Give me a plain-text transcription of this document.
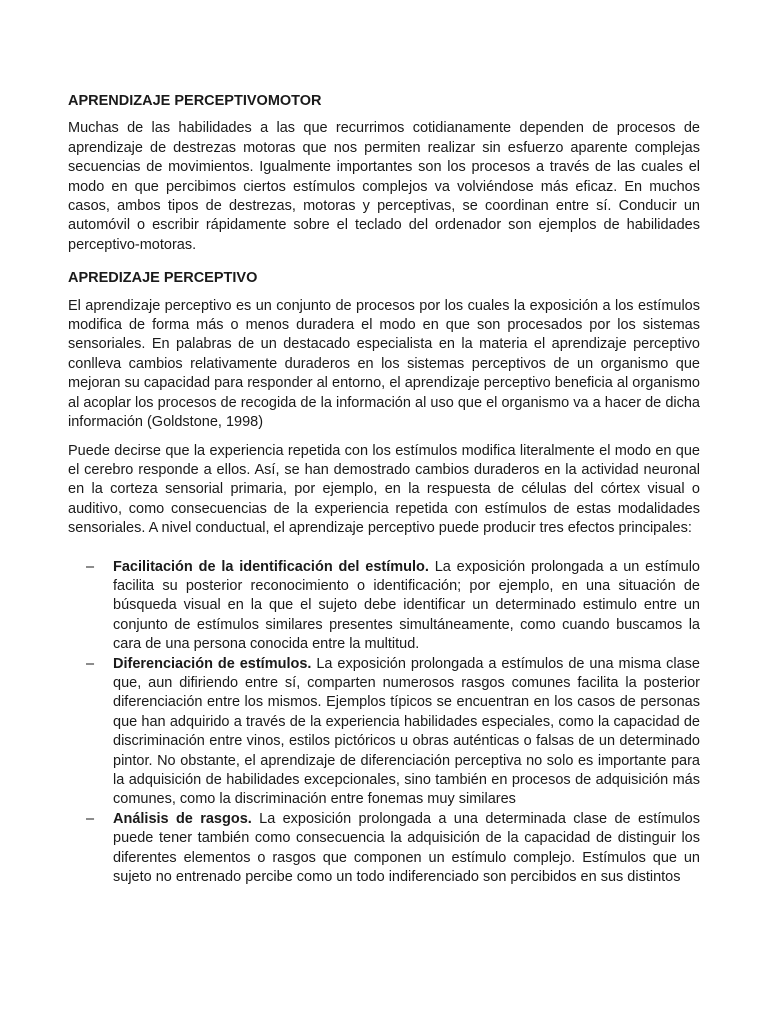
APRENDIZAJE PERCEPTIVOMOTOR

Muchas de las habilidades a las que recurrimos cotidianamente dependen de procesos de aprendizaje de destrezas motoras que nos permiten realizar sin esfuerzo aparente complejas secuencias de movimientos. Igualmente importantes son los procesos a través de las cuales el modo en que percibimos ciertos estímulos complejos va volviéndose más eficaz. En muchos casos, ambos tipos de destrezas, motoras y perceptivas, se coordinan entre sí. Conducir un automóvil o escribir rápidamente sobre el teclado del ordenador son ejemplos de habilidades perceptivo-motoras.

APREDIZAJE PERCEPTIVO

El aprendizaje perceptivo es un conjunto de procesos por los cuales la exposición a los estímulos modifica de forma más o menos duradera el modo en que son procesados por los sistemas sensoriales. En palabras de un destacado especialista en la materia el aprendizaje perceptivo conlleva cambios relativamente duraderos en los sistemas perceptivos de un organismo que mejoran su capacidad para responder al entorno, el aprendizaje perceptivo beneficia al organismo al acoplar los procesos de recogida de la información al uso que el organismo va a hacer de dicha información (Goldstone, 1998)

Puede decirse que la experiencia repetida con los estímulos modifica literalmente el modo en que el cerebro responde a ellos. Así, se han demostrado cambios duraderos en la actividad neuronal en la corteza sensorial primaria, por ejemplo, en la respuesta de células del córtex visual o auditivo, como consecuencias de la experiencia repetida con estímulos de estas modalidades sensoriales. A nivel conductual, el aprendizaje perceptivo puede producir tres efectos principales:

– Facilitación de la identificación del estímulo. La exposición prolongada a un estímulo facilita su posterior reconocimiento o identificación; por ejemplo, en una situación de búsqueda visual en la que el sujeto debe identificar un determinado estimulo entre un conjunto de estímulos similares presentes simultáneamente, como cuando buscamos la cara de una persona conocida entre la multitud.
– Diferenciación de estímulos. La exposición prolongada a estímulos de una misma clase que, aun difiriendo entre sí, comparten numerosos rasgos comunes facilita la posterior diferenciación entre los mismos. Ejemplos típicos se encuentran en los casos de personas que han adquirido a través de la experiencia habilidades especiales, como la capacidad de discriminación entre vinos, estilos pictóricos u obras auténticas o falsas de un determinado pintor. No obstante, el aprendizaje de diferenciación perceptiva no solo es importante para la adquisición de habilidades excepcionales, sino también en procesos de adquisición más comunes, como la discriminación entre fonemas muy similares
– Análisis de rasgos. La exposición prolongada a una determinada clase de estímulos puede tener también como consecuencia la adquisición de la capacidad de distinguir los diferentes elementos o rasgos que componen un estímulo complejo. Estímulos que un sujeto no entrenado percibe como un todo indiferenciado son percibidos en sus distintos
